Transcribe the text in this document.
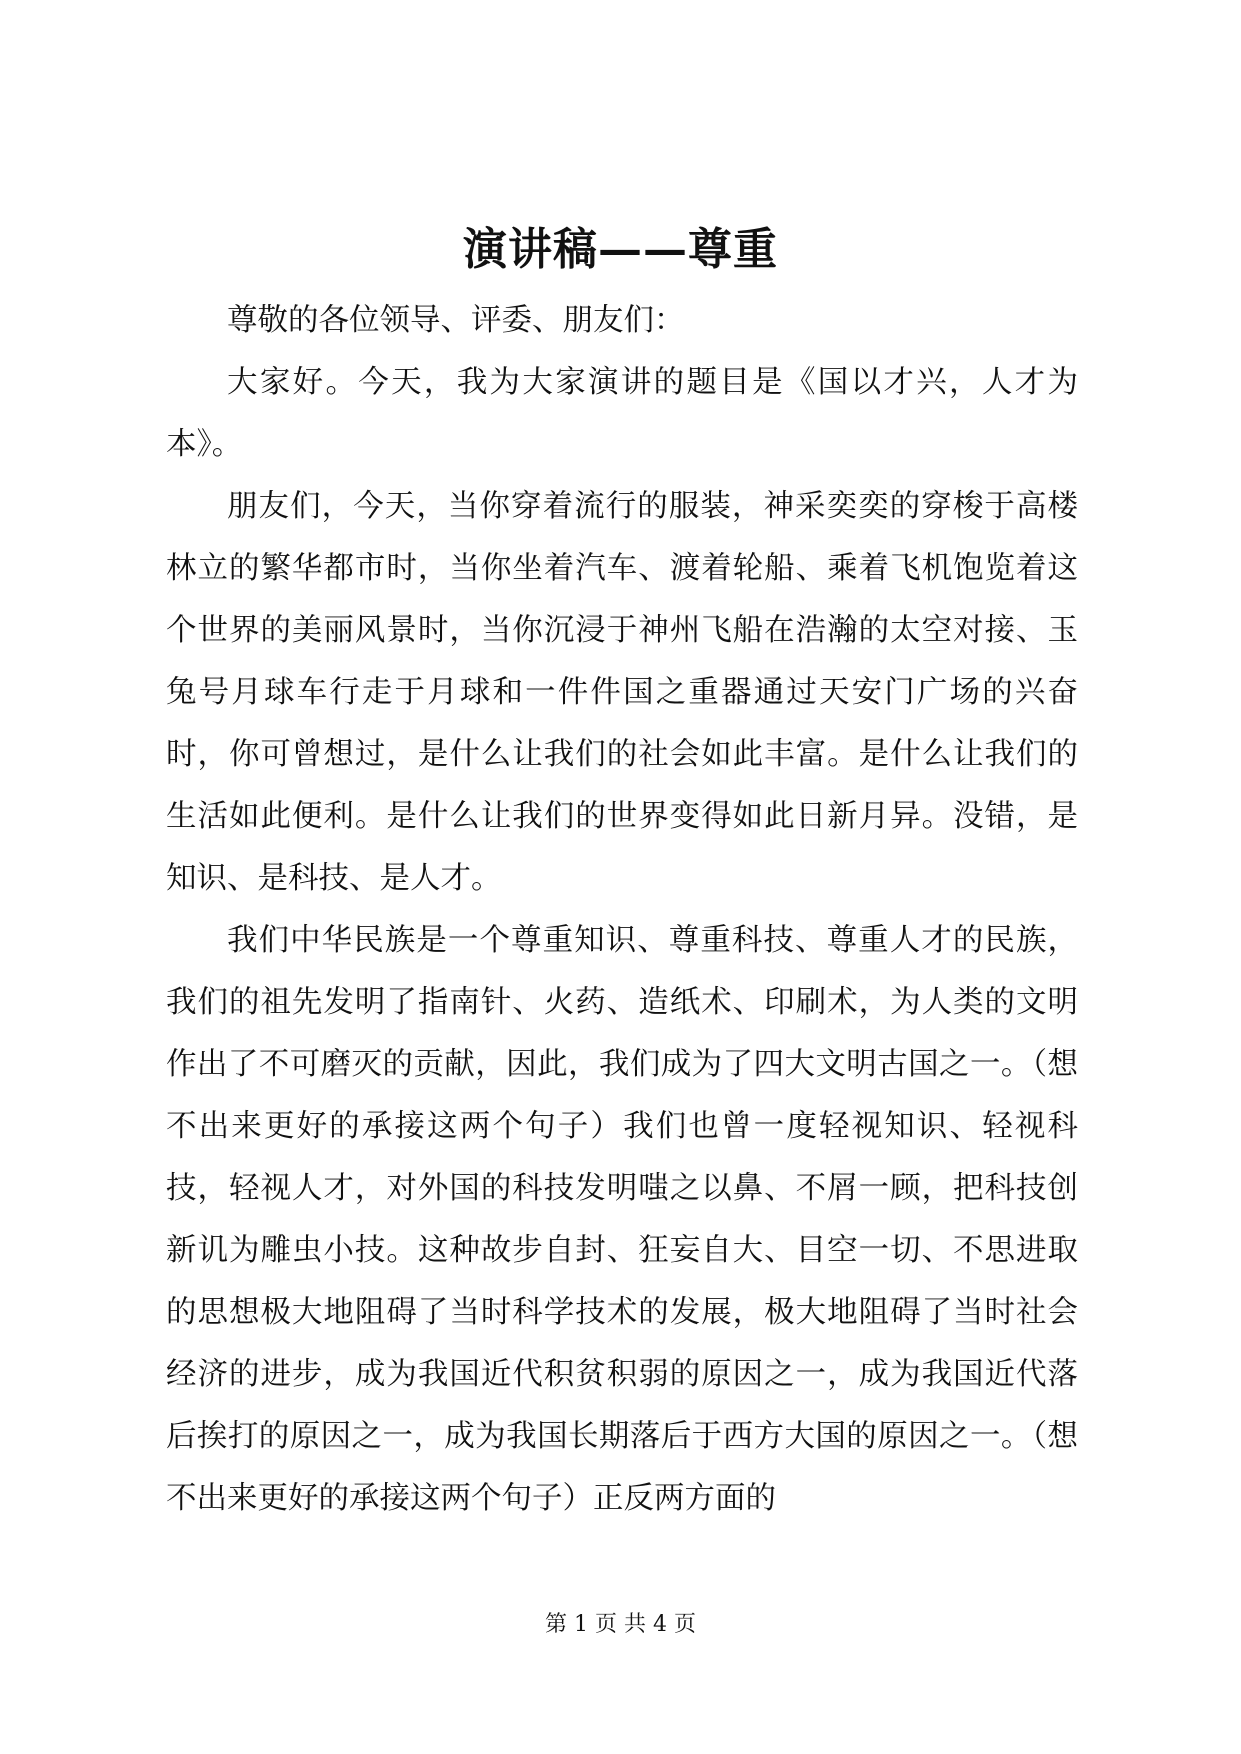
演讲稿——尊重

尊敬的各位领导、评委、朋友们：

大家好。今天，我为大家演讲的题目是《国以才兴，人才为本》。

朋友们，今天，当你穿着流行的服装，神采奕奕的穿梭于高楼林立的繁华都市时，当你坐着汽车、渡着轮船、乘着飞机饱览着这个世界的美丽风景时，当你沉浸于神州飞船在浩瀚的太空对接、玉兔号月球车行走于月球和一件件国之重器通过天安门广场的兴奋时，你可曾想过，是什么让我们的社会如此丰富。是什么让我们的生活如此便利。是什么让我们的世界变得如此日新月异。没错，是知识、是科技、是人才。

我们中华民族是一个尊重知识、尊重科技、尊重人才的民族，我们的祖先发明了指南针、火药、造纸术、印刷术，为人类的文明作出了不可磨灭的贡献，因此，我们成为了四大文明古国之一。（想不出来更好的承接这两个句子）我们也曾一度轻视知识、轻视科技，轻视人才，对外国的科技发明嗤之以鼻、不屑一顾，把科技创新讥为雕虫小技。这种故步自封、狂妄自大、目空一切、不思进取的思想极大地阻碍了当时科学技术的发展，极大地阻碍了当时社会经济的进步，成为我国近代积贫积弱的原因之一，成为我国近代落后挨打的原因之一，成为我国长期落后于西方大国的原因之一。（想不出来更好的承接这两个句子）正反两方面的

第 1 页 共 4 页
